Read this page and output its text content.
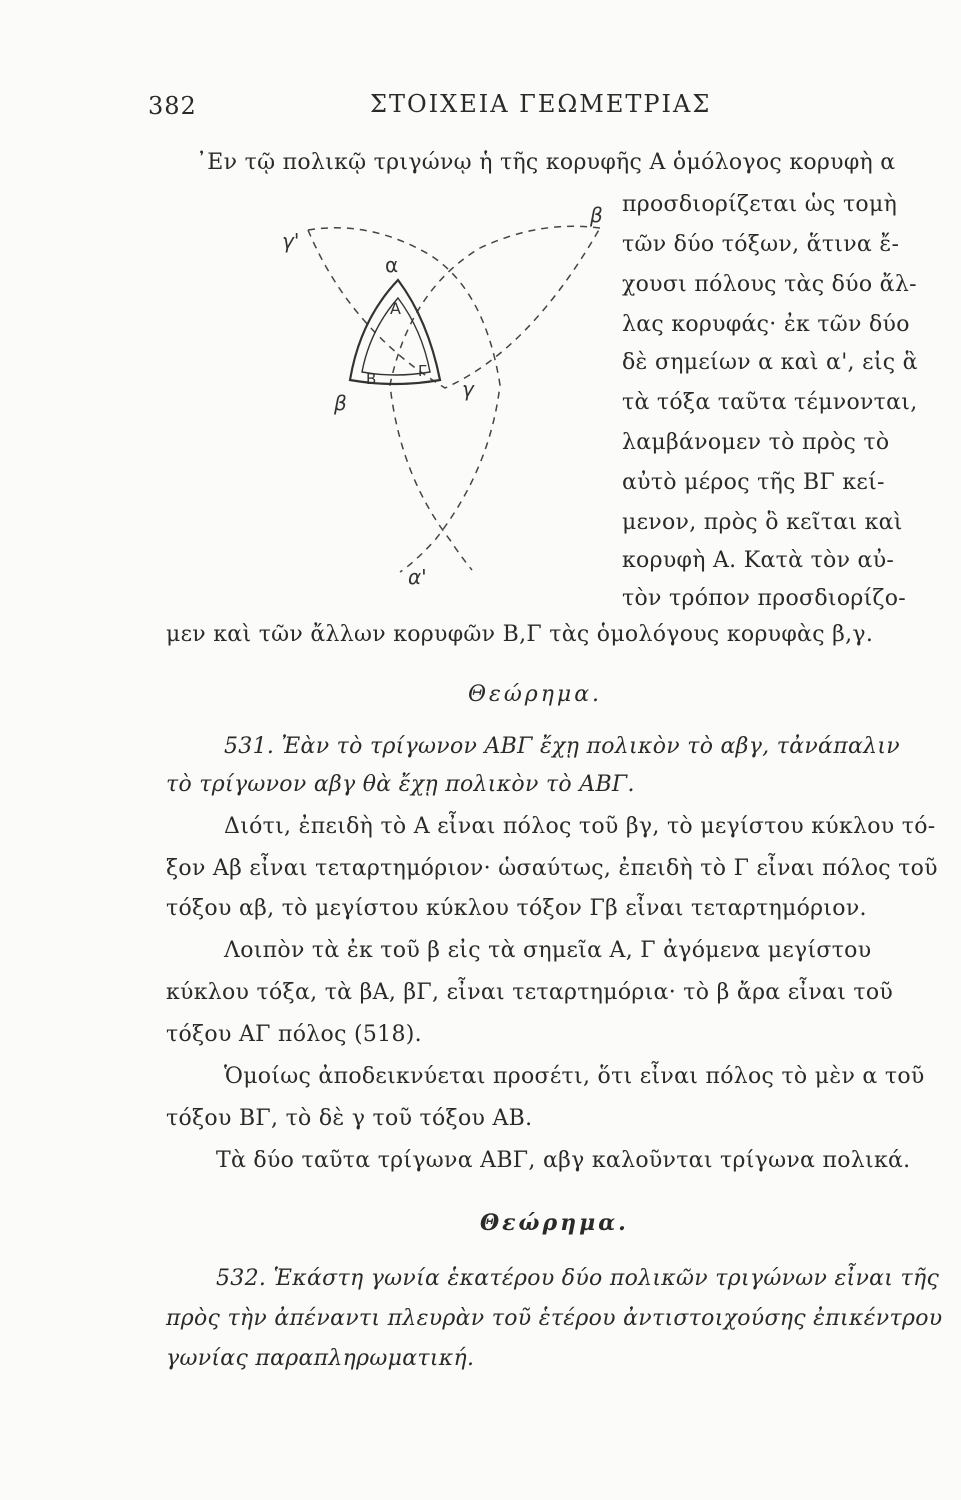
382	ΣΤΟΙΧΕΙΑ ΓΕΩΜΕΤΡΙΑΣ
᾿Εν τῷ πολικῷ τριγώνῳ ἡ τῆς κορυφῆς Α ὁμόλογος κορυφὴ α
προσδιορίζεται ὡς τομὴ
τῶν δύο τόξων, ἅτινα ἔ-
χουσι πόλους τὰς δύο ἄλ-
λας κορυφάς· ἐκ τῶν δύο
δὲ σημείων α καὶ α', εἰς ἃ
τὰ τόξα ταῦτα τέμνονται,
λαμβάνομεν τὸ πρὸς τὸ
αὐτὸ μέρος τῆς ΒΓ κεί-
μενον, πρὸς ὃ κεῖται καὶ
κορυφὴ Α. Κατὰ τὸν αὐ-
τὸν τρόπον προσδιορίζο-
μεν καὶ τῶν ἄλλων κορυφῶν Β,Γ τὰς ὁμολόγους κορυφὰς β,γ.
γ'
β
α
Α
Β	Γ
β
γ
α'
Θεώρημα.
531. Ἐὰν τὸ τρίγωνον ΑΒΓ ἔχῃ πολικὸν τὸ αβγ, τἀνάπαλιν
τὸ τρίγωνον αβγ θὰ ἔχῃ πολικὸν τὸ ΑΒΓ.
Διότι, ἐπειδὴ τὸ Α εἶναι πόλος τοῦ βγ, τὸ μεγίστου κύκλου τό-
ξον Αβ εἶναι τεταρτημόριον· ὡσαύτως, ἐπειδὴ τὸ Γ εἶναι πόλος τοῦ
τόξου αβ, τὸ μεγίστου κύκλου τόξον Γβ εἶναι τεταρτημόριον.
Λοιπὸν τὰ ἐκ τοῦ β εἰς τὰ σημεῖα Α, Γ ἀγόμενα μεγίστου
κύκλου τόξα, τὰ βΑ, βΓ, εἶναι τεταρτημόρια· τὸ β ἄρα εἶναι τοῦ
τόξου ΑΓ πόλος (518).
Ὁμοίως ἀποδεικνύεται προσέτι, ὅτι εἶναι πόλος τὸ μὲν α τοῦ
τόξου ΒΓ, τὸ δὲ γ τοῦ τόξου ΑΒ.
Τὰ δύο ταῦτα τρίγωνα ΑΒΓ, αβγ καλοῦνται τρίγωνα πολικά.
Θεώρημα.
532. Ἑκάστη γωνία ἑκατέρου δύο πολικῶν τριγώνων εἶναι τῆς
πρὸς τὴν ἀπέναντι πλευρὰν τοῦ ἑτέρου ἀντιστοιχούσης ἐπικέντρου
γωνίας παραπληρωματική.
